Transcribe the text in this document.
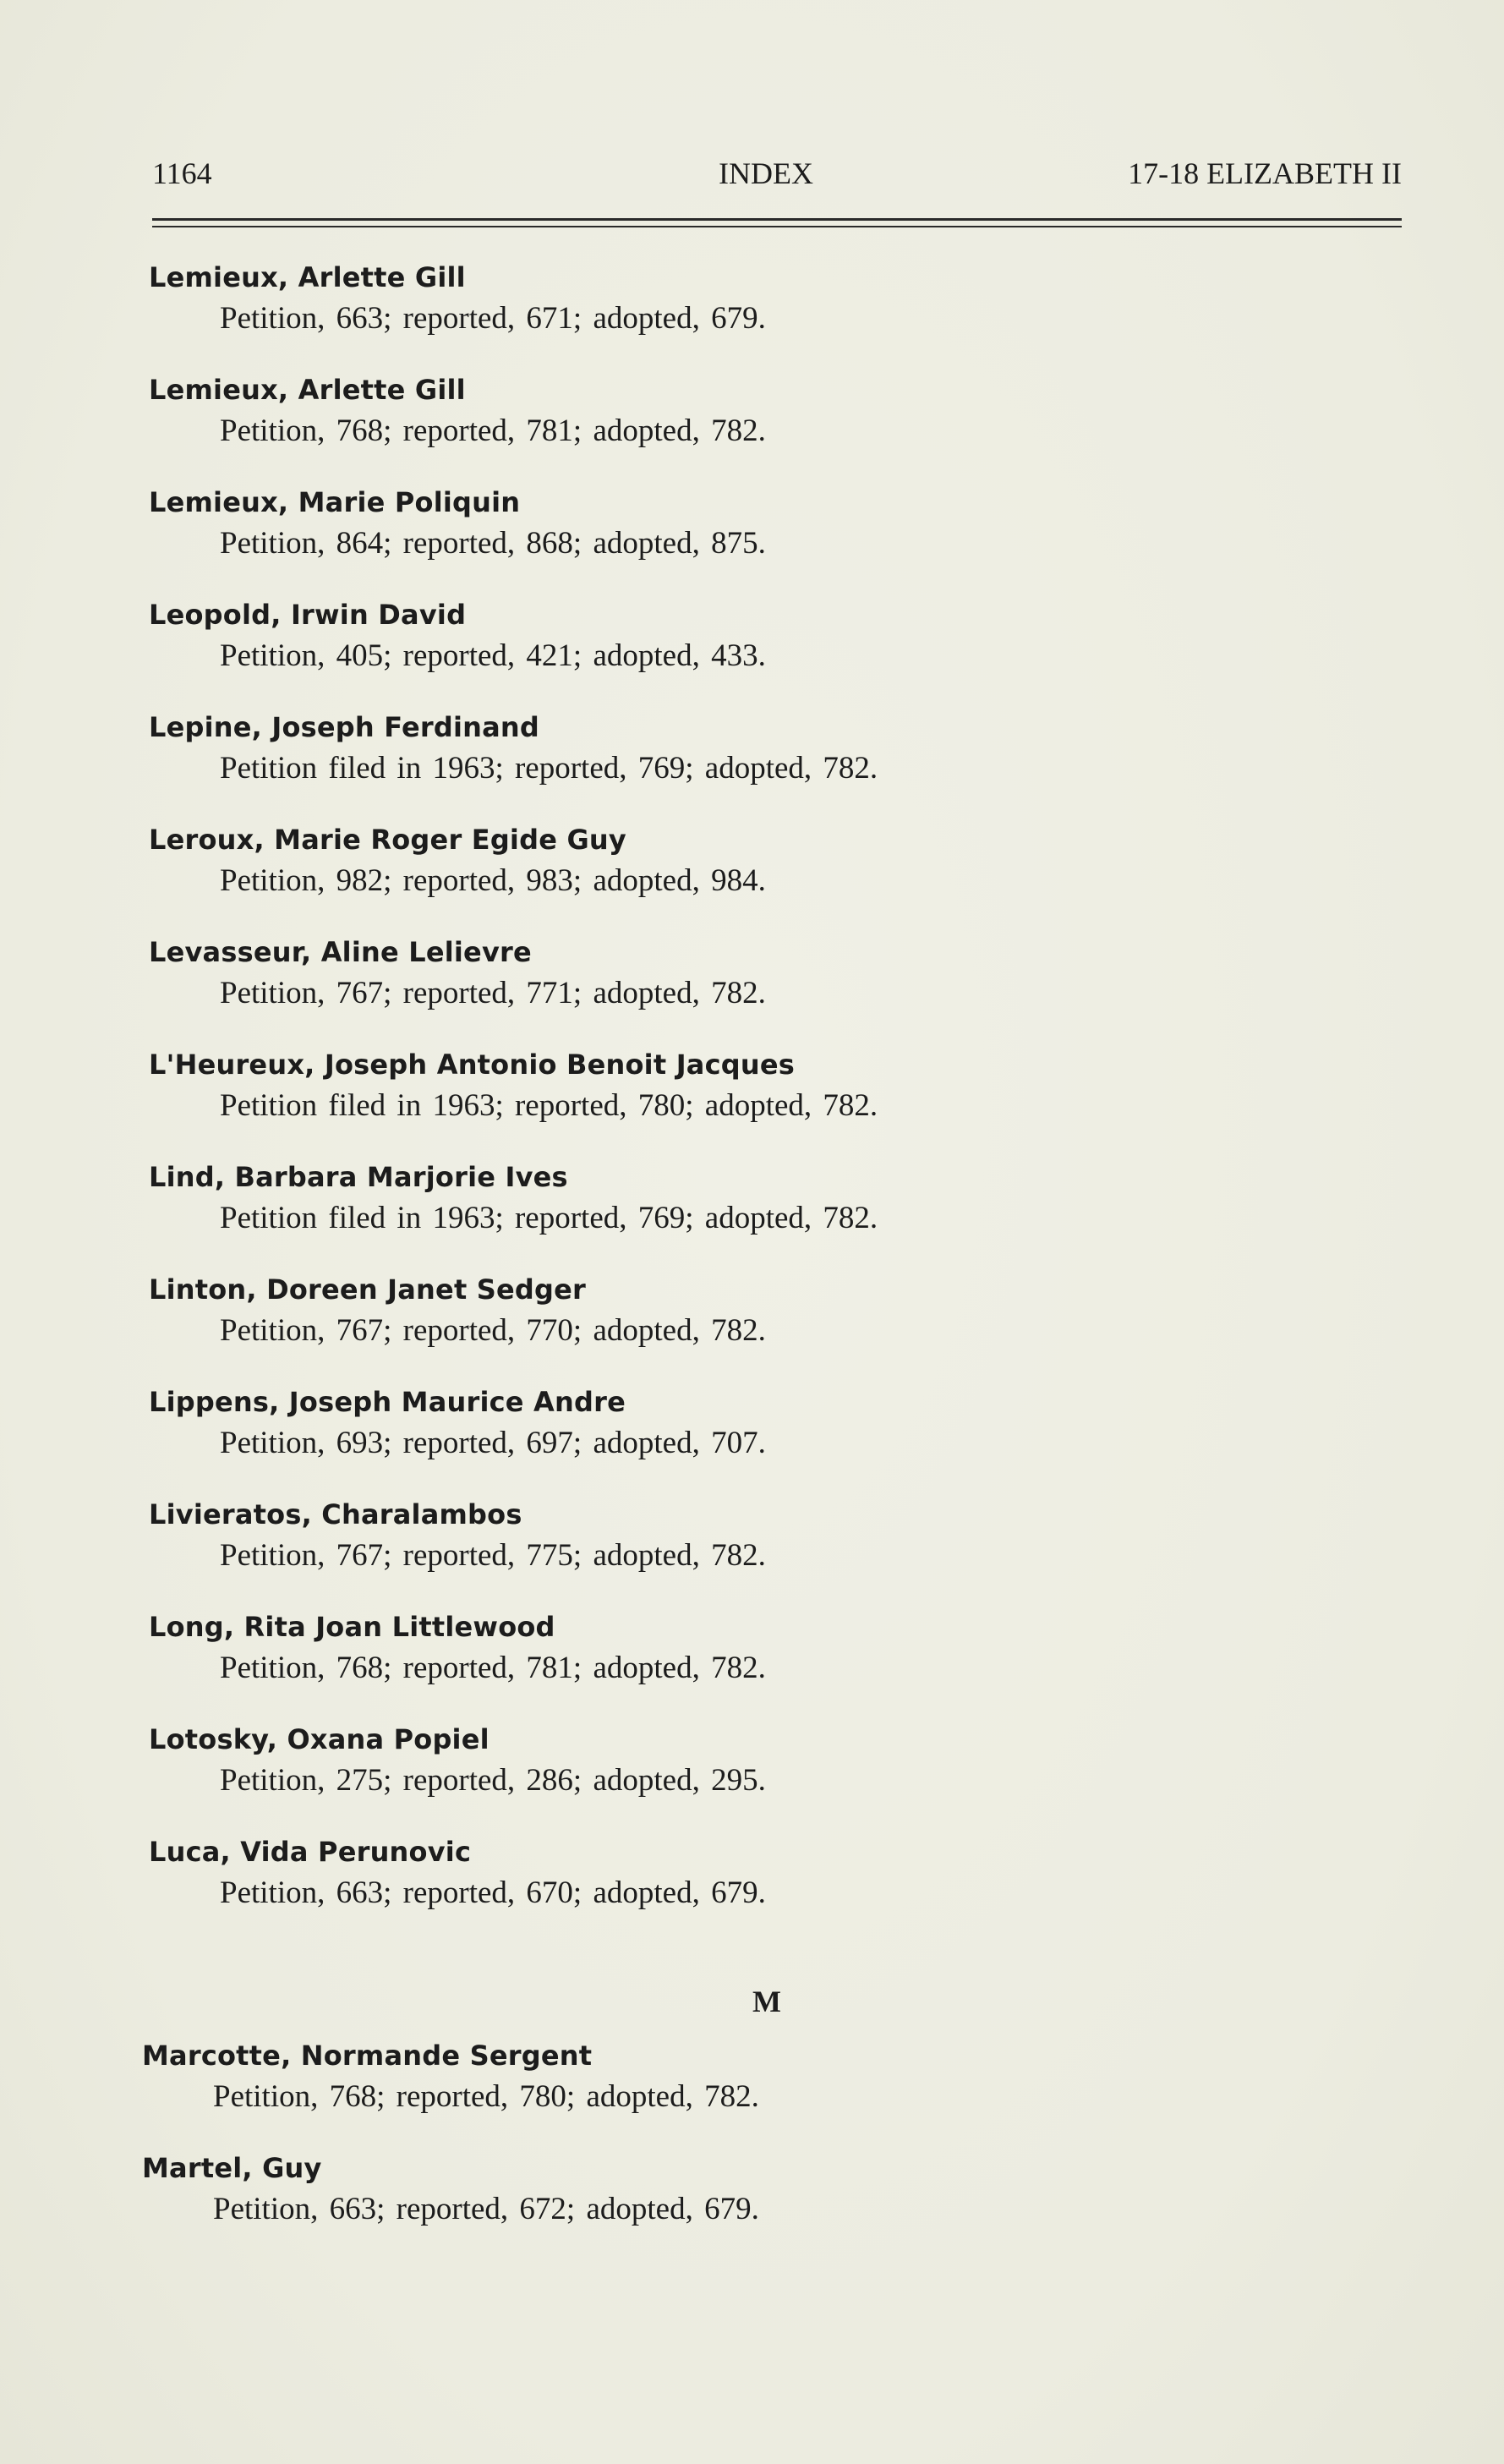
1164	INDEX	17-18 ELIZABETH II
Lemieux, Arlette Gill
Petition, 663; reported, 671; adopted, 679.
Lemieux, Arlette Gill
Petition, 768; reported, 781; adopted, 782.
Lemieux, Marie Poliquin
Petition, 864; reported, 868; adopted, 875.
Leopold, Irwin David
Petition, 405; reported, 421; adopted, 433.
Lepine, Joseph Ferdinand
Petition filed in 1963; reported, 769; adopted, 782.
Leroux, Marie Roger Egide Guy
Petition, 982; reported, 983; adopted, 984.
Levasseur, Aline Lelievre
Petition, 767; reported, 771; adopted, 782.
L'Heureux, Joseph Antonio Benoit Jacques
Petition filed in 1963; reported, 780; adopted, 782.
Lind, Barbara Marjorie Ives
Petition filed in 1963; reported, 769; adopted, 782.
Linton, Doreen Janet Sedger
Petition, 767; reported, 770; adopted, 782.
Lippens, Joseph Maurice Andre
Petition, 693; reported, 697; adopted, 707.
Livieratos, Charalambos
Petition, 767; reported, 775; adopted, 782.
Long, Rita Joan Littlewood
Petition, 768; reported, 781; adopted, 782.
Lotosky, Oxana Popiel
Petition, 275; reported, 286; adopted, 295.
Luca, Vida Perunovic
Petition, 663; reported, 670; adopted, 679.
M
Marcotte, Normande Sergent
Petition, 768; reported, 780; adopted, 782.
Martel, Guy
Petition, 663; reported, 672; adopted, 679.
